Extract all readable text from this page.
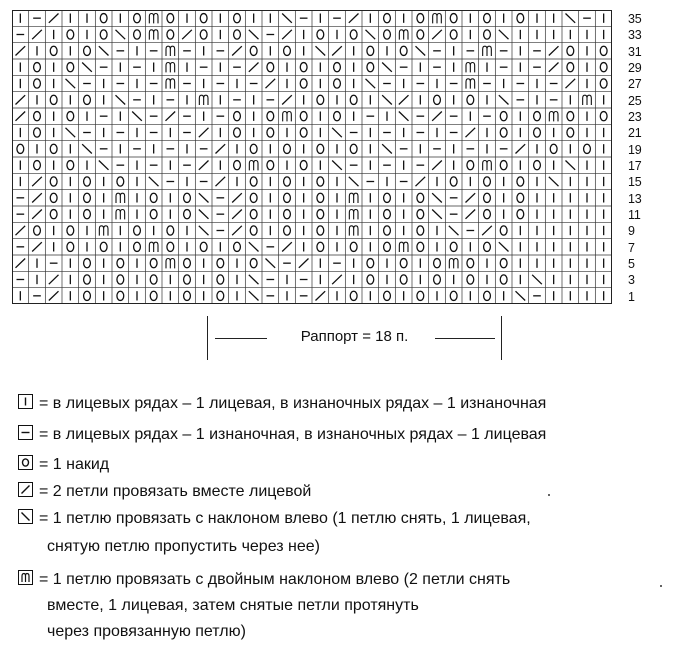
35
33
31
29
27
25
23
21
19
17
15
13
11
9
7
5
3
1
Раппорт = 18 п.
= в лицевых рядах – 1 лицевая, в изнаночных рядах – 1 изнаночная
= в лицевых рядах – 1 изнаночная, в изнаночных рядах – 1 лицевая
= 1 накид
= 2 петли провязать вместе лицевой
= 1 петлю провязать с наклоном влево (1 петлю снять, 1 лицевая,
снятую петлю пропустить через нее)
= 1 петлю провязать с двойным наклоном влево (2 петли снять
вместе, 1 лицевая, затем снятые петли протянуть
через провязанную петлю)
